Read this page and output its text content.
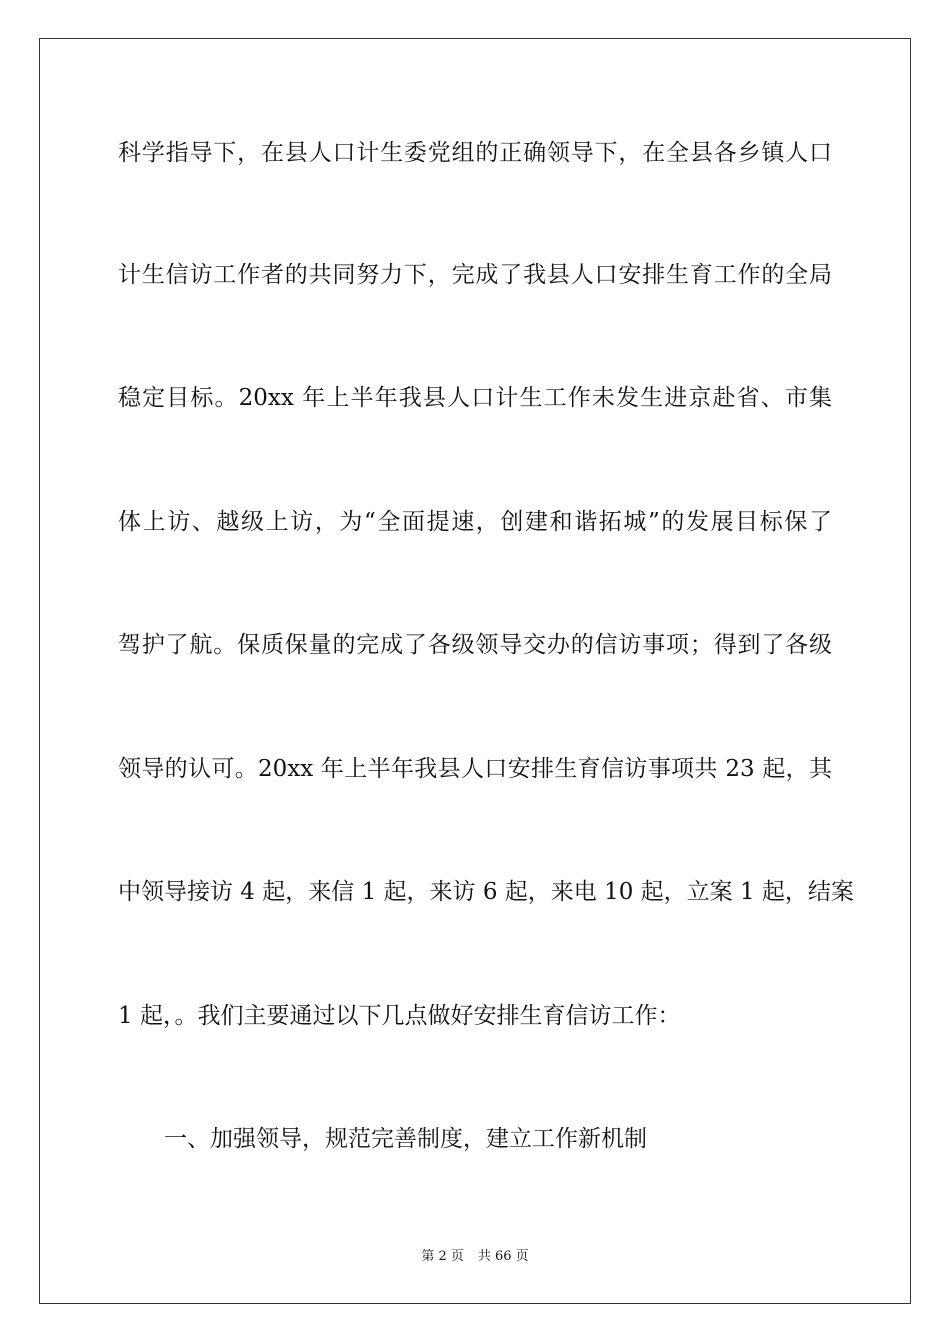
科学指导下，在县人口计生委党组的正确领导下，在全县各乡镇人口
计生信访工作者的共同努力下，完成了我县人口安排生育工作的全局
稳定目标。20xx 年上半年我县人口计生工作未发生进京赴省、市集
体上访、越级上访，为“全面提速，创建和谐拓城”的发展目标保了
驾护了航。保质保量的完成了各级领导交办的信访事项；得到了各级
领导的认可。20xx 年上半年我县人口安排生育信访事项共 23 起，其
中领导接访 4 起，来信 1 起，来访 6 起，来电 10 起，立案 1 起，结案
1 起，。我们主要通过以下几点做好安排生育信访工作：
一、加强领导，规范完善制度，建立工作新机制
第 2 页 共 66 页
